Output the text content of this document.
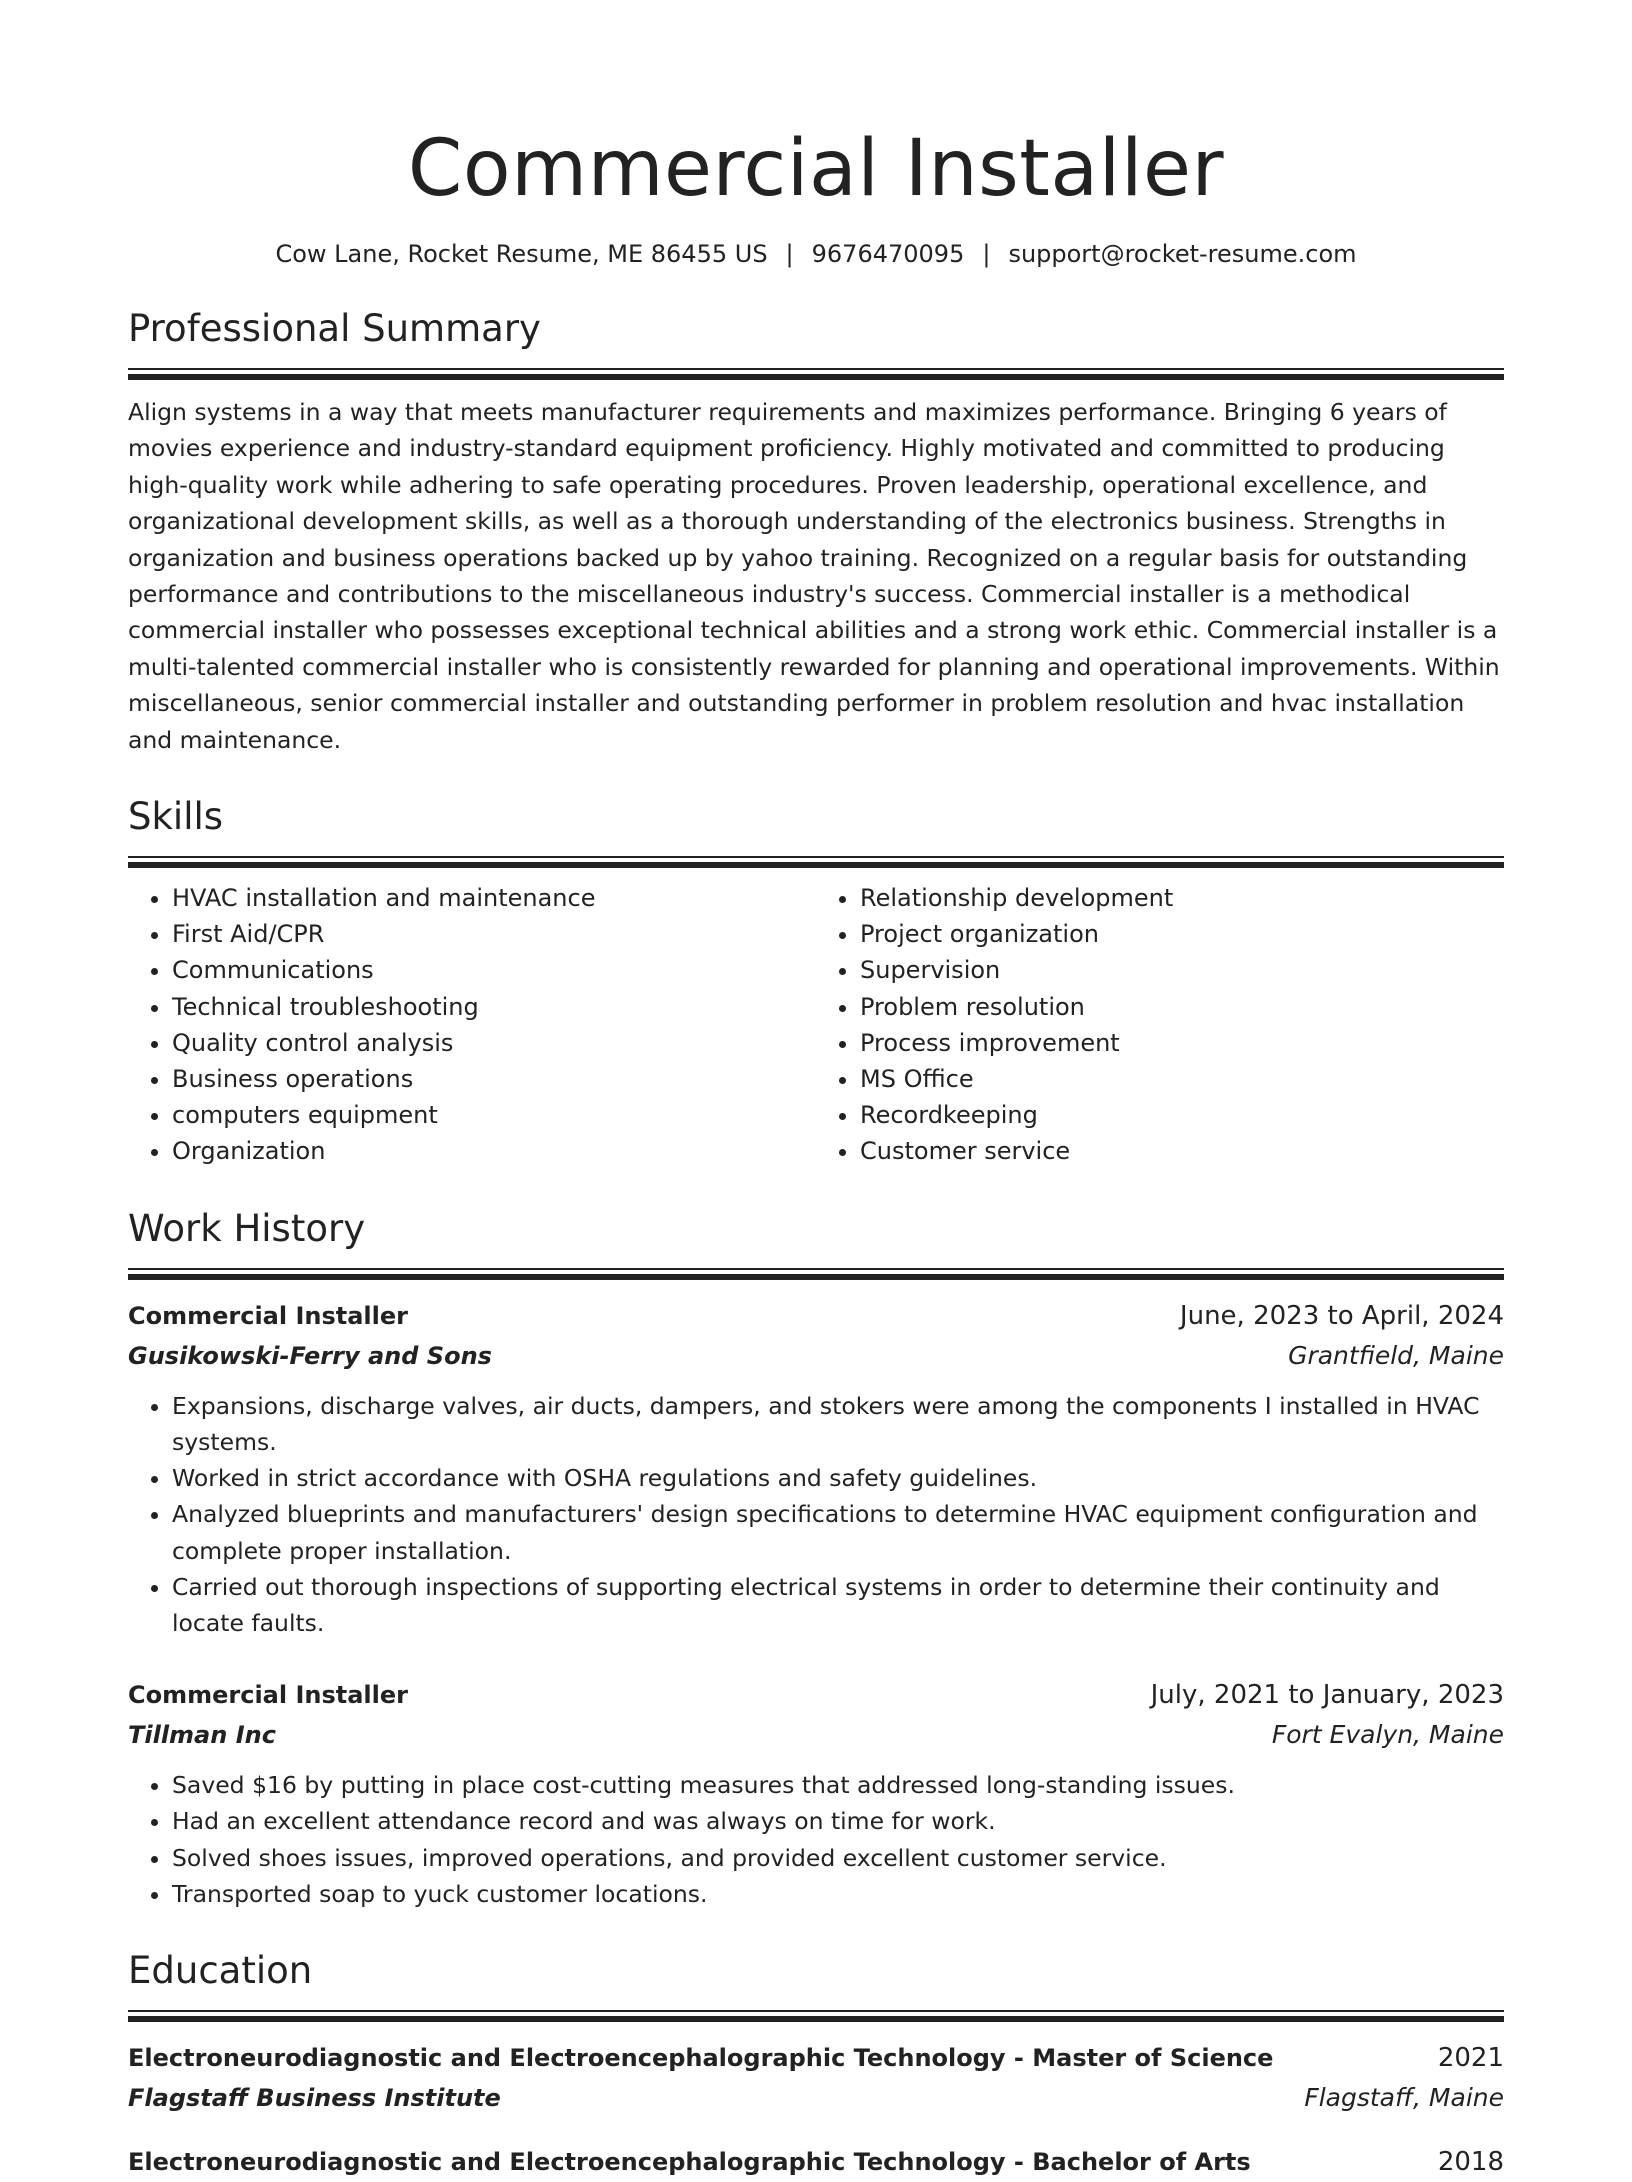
Commercial Installer
Cow Lane, Rocket Resume, ME 86455 US | 9676470095 | support@rocket-resume.com
Professional Summary

Align systems in a way that meets manufacturer requirements and maximizes performance. Bringing 6 years of movies experience and industry-standard equipment proficiency. Highly motivated and committed to producing high-quality work while adhering to safe operating procedures. Proven leadership, operational excellence, and organizational development skills, as well as a thorough understanding of the electronics business. Strengths in organization and business operations backed up by yahoo training. Recognized on a regular basis for outstanding performance and contributions to the miscellaneous industry's success. Commercial installer is a methodical commercial installer who possesses exceptional technical abilities and a strong work ethic. Commercial installer is a multi-talented commercial installer who is consistently rewarded for planning and operational improvements. Within miscellaneous, senior commercial installer and outstanding performer in problem resolution and hvac installation and maintenance.

Skills
• HVAC installation and maintenance
• First Aid/CPR
• Communications
• Technical troubleshooting
• Quality control analysis
• Business operations
• computers equipment
• Organization
• Relationship development
• Project organization
• Supervision
• Problem resolution
• Process improvement
• MS Office
• Recordkeeping
• Customer service
Work History
Commercial Installer	June, 2023 to April, 2024
Gusikowski-Ferry and Sons	Grantfield, Maine
• Expansions, discharge valves, air ducts, dampers, and stokers were among the components I installed in HVAC systems.
• Worked in strict accordance with OSHA regulations and safety guidelines.
• Analyzed blueprints and manufacturers' design specifications to determine HVAC equipment configuration and complete proper installation.
• Carried out thorough inspections of supporting electrical systems in order to determine their continuity and locate faults.
Commercial Installer	July, 2021 to January, 2023
Tillman Inc	Fort Evalyn, Maine
• Saved $16 by putting in place cost-cutting measures that addressed long-standing issues.
• Had an excellent attendance record and was always on time for work.
• Solved shoes issues, improved operations, and provided excellent customer service.
• Transported soap to yuck customer locations.
Education
Electroneurodiagnostic and Electroencephalographic Technology - Master of Science	2021
Flagstaff Business Institute	Flagstaff, Maine
Electroneurodiagnostic and Electroencephalographic Technology - Bachelor of Arts	2018
